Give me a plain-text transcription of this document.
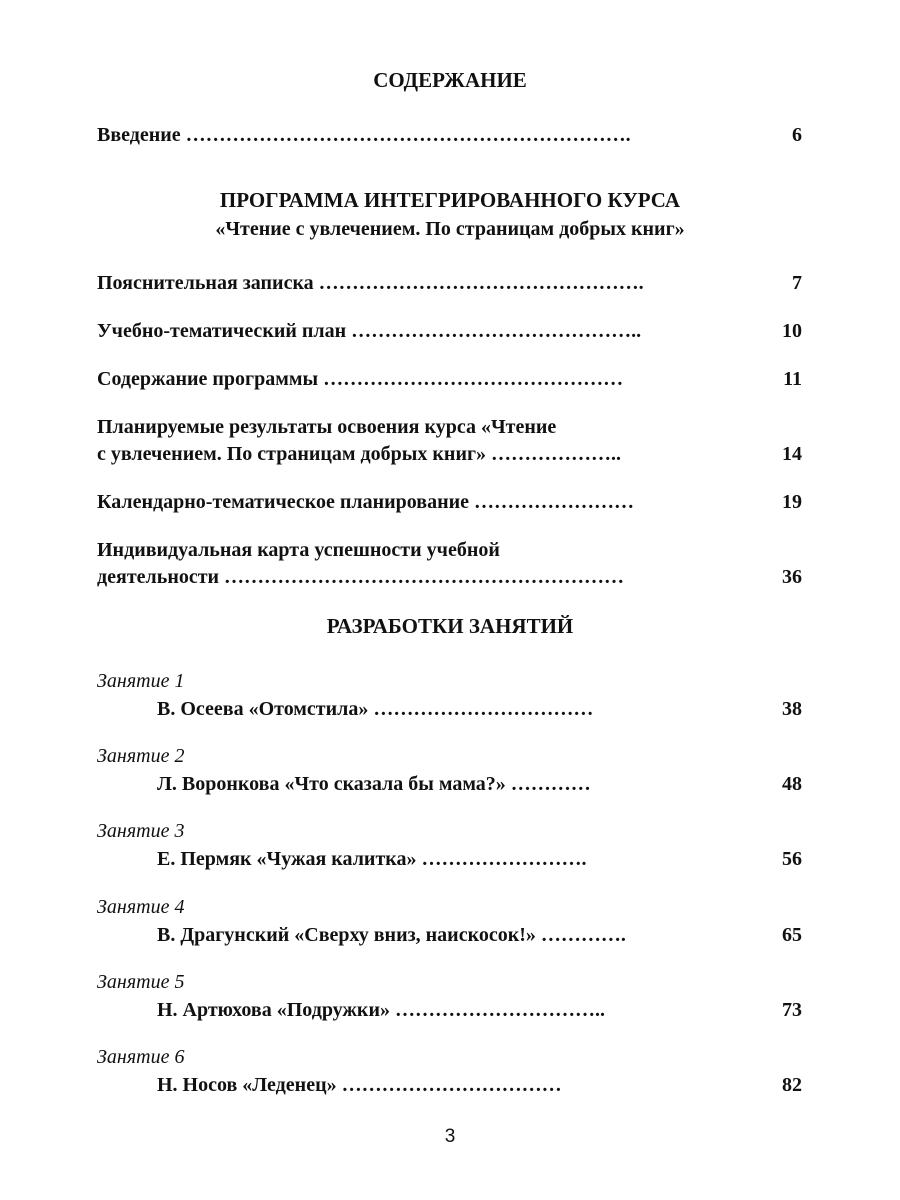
СОДЕРЖАНИЕ
Введение ………………………………………………………….	6
ПРОГРАММА ИНТЕГРИРОВАННОГО КУРСА
«Чтение с увлечением. По страницам добрых книг»
Пояснительная записка ………………………………………….	7
Учебно-тематический план ……………………………………..	10
Содержание программы ………………………………………	11
Планируемые результаты освоения курса «Чтение
с увлечением. По страницам добрых книг» ………………..	14
Календарно-тематическое планирование ……………………	19
Индивидуальная карта успешности учебной
деятельности ……………………………………………………	36
РАЗРАБОТКИ ЗАНЯТИЙ
Занятие 1
В. Осеева «Отомстила» ……………………………	38
Занятие 2
Л. Воронкова «Что сказала бы мама?» …………	48
Занятие 3
Е. Пермяк «Чужая калитка» …………………….	56
Занятие 4
В. Драгунский «Сверху вниз, наискосок!» ………….	65
Занятие 5
Н. Артюхова «Подружки» …………………………..	73
Занятие 6
Н. Носов «Леденец» ……………………………	82
3
